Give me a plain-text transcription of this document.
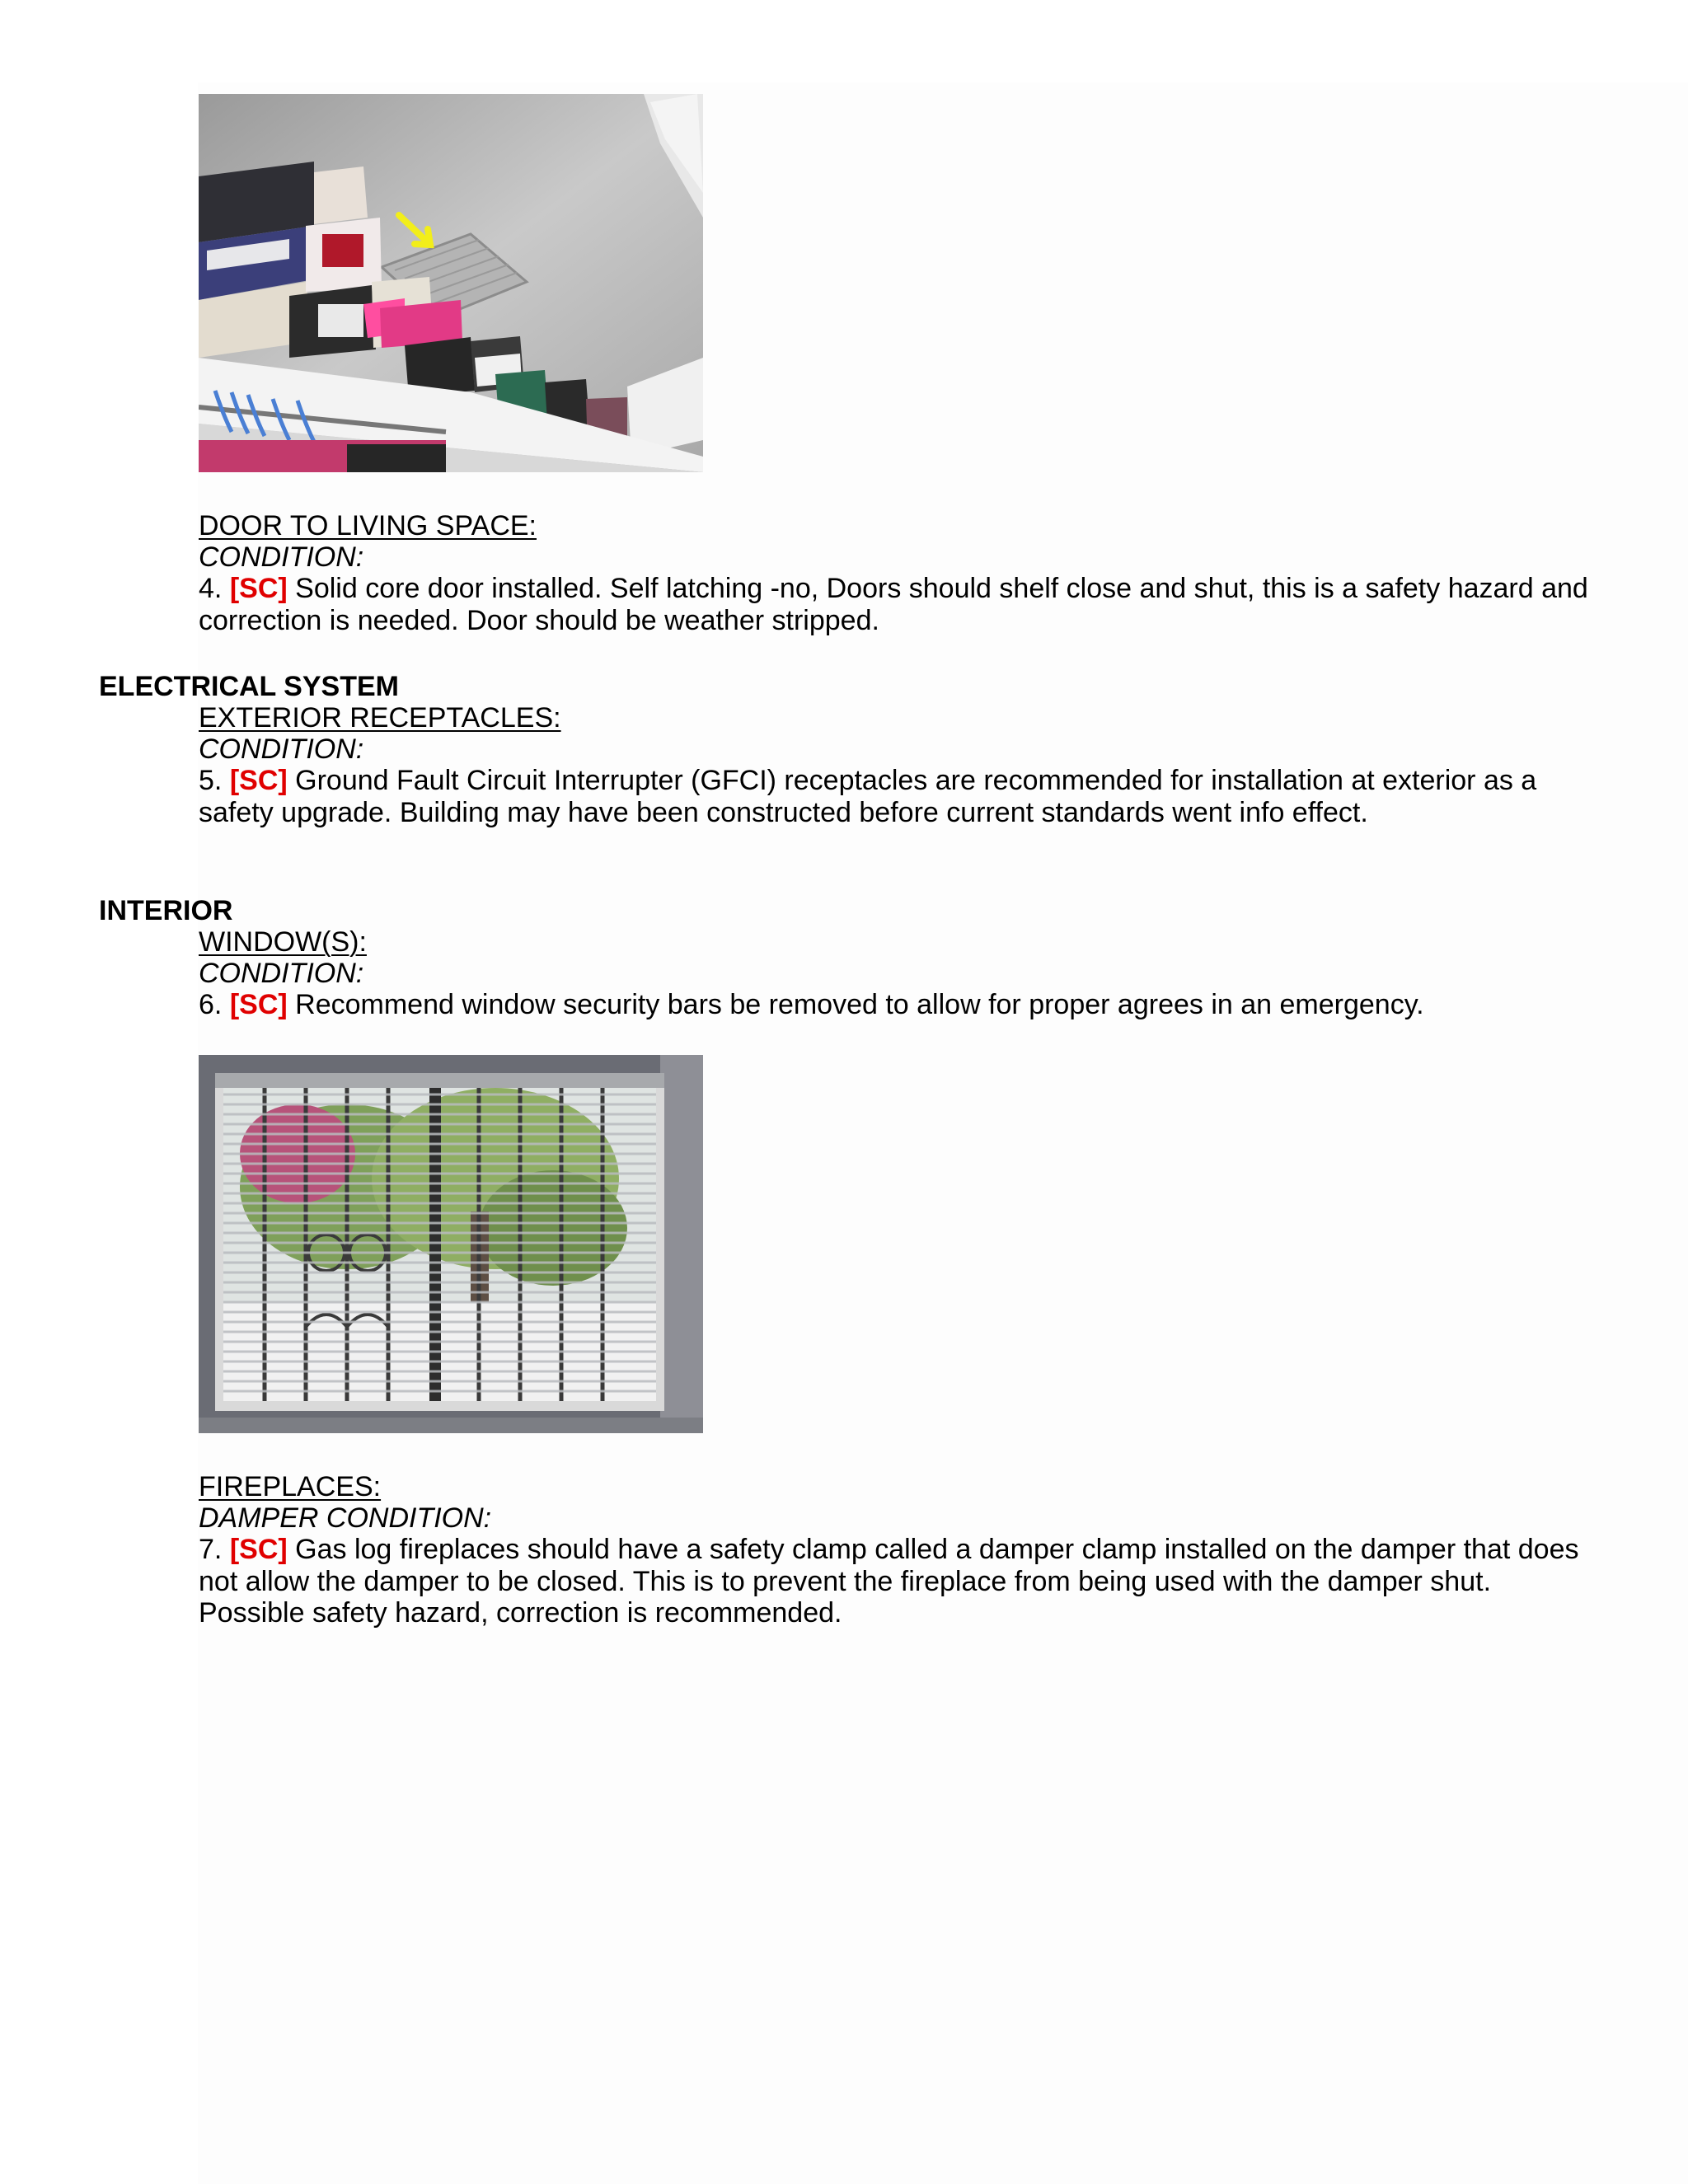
DOOR TO LIVING SPACE:
CONDITION:
4. [SC] Solid core door installed. Self latching -no, Doors should shelf close and shut, this is a safety hazard and correction is needed. Door should be weather stripped.
ELECTRICAL SYSTEM
EXTERIOR RECEPTACLES:
CONDITION:
5. [SC] Ground Fault Circuit Interrupter (GFCI) receptacles are recommended for installation at exterior as a safety upgrade. Building may have been constructed before current standards went info effect.
INTERIOR
WINDOW(S):
CONDITION:
6. [SC] Recommend window security bars be removed to allow for proper agrees in an emergency.
FIREPLACES:
DAMPER CONDITION:
7. [SC] Gas log fireplaces should have a safety clamp called a damper clamp installed on the damper that does not allow the damper to be closed. This is to prevent the fireplace from being used with the damper shut. Possible safety hazard, correction is recommended.
